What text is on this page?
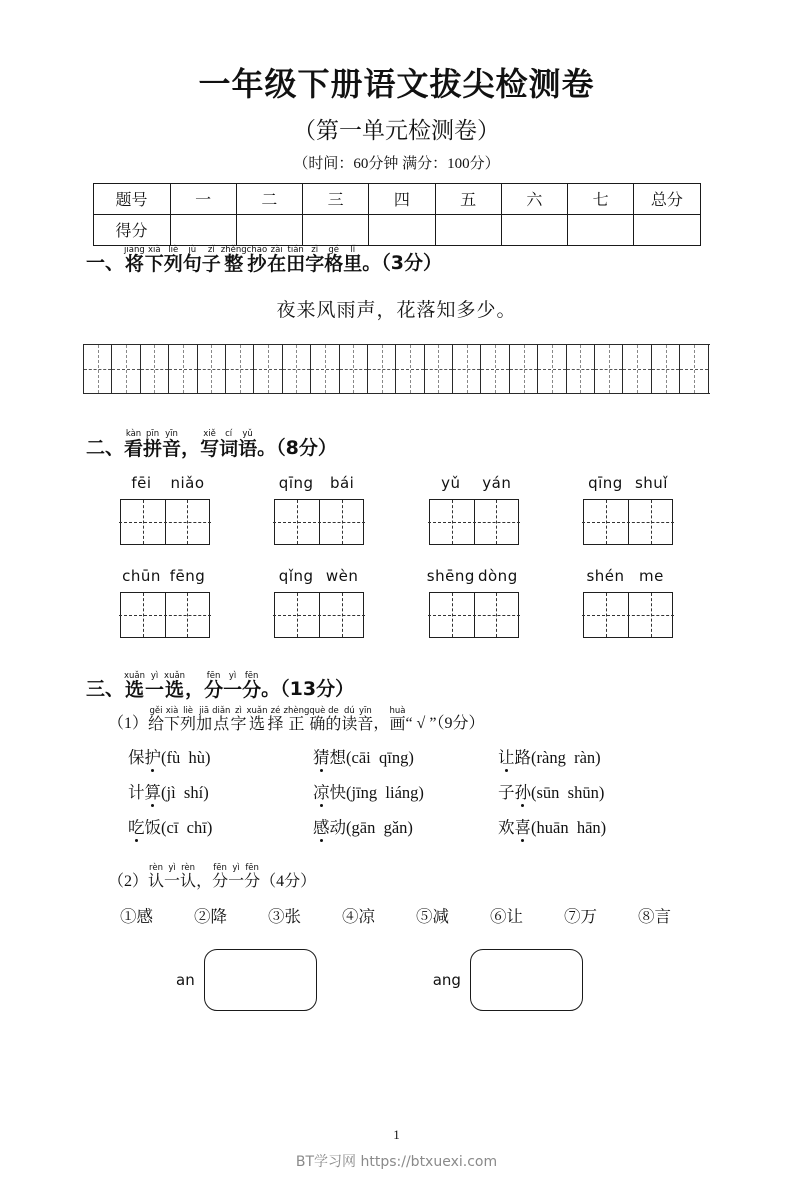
一年级下册语文拔尖检测卷
（第一单元检测卷）
（时间：60分钟 满分：100分）
题号	一	二	三	四	五	六	七	总分
得分								
一、
jiāng
将
xià
下
liè
列
jù
句
zǐ
子
zhěng
整
chāo
抄
zài
在
tián
田
zì
字
gé
格
lǐ
里 。（3分）
夜来风雨声，花落知多少。
二、
kàn
看
pīn
拼
yīn
音 ，
xiě
写
cí
词
yǔ
语 。（8分）
fēi niǎo	qīng bái	yǔ yán	qīng shuǐ
chūn fēng	qǐng wèn	shēng dòng	shén me
三、
xuǎn
选
yì
一
xuǎn
选 ，
fēn
分
yì
一
fēn
分 。（13分）
（1）
gěi
给
xià
下
liè
列
jiā
加
diǎn
点
zì
字
xuǎn
选
zé
择
zhèng
正
què
确
de
的
dú
读
yīn
音 ，
huà
画 “ √ ”（9分）
保护(fù hù)	猜想(cāi qīng)	让路(ràng ràn)
计算(jì shí)	凉快(jīng liáng)	子孙(sūn shūn)
吃饭(cī chī)	感动(gān gǎn)	欢喜(huān hān)
（2）
rèn
认
yì
一
rèn
认 ，
fēn
分
yì
一
fēn
分 （4分）
①感	②降	③张	④凉	⑤减	⑥让	⑦万	⑧言
an	ang
1
BT学习网 https://btxuexi.com
